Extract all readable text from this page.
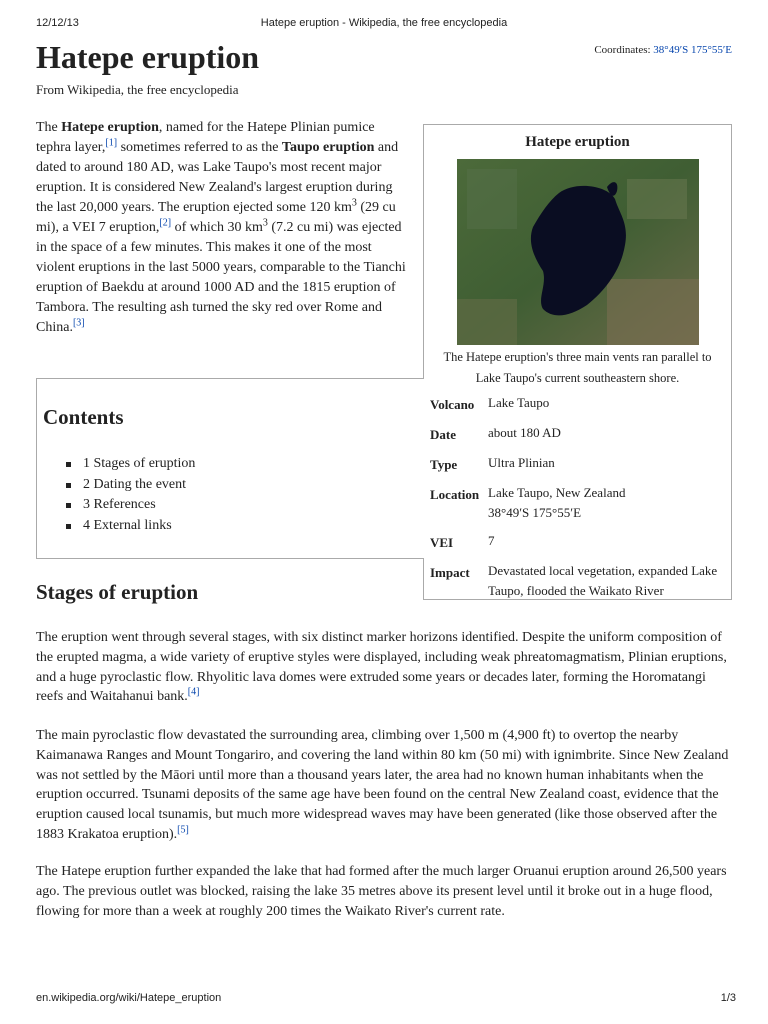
12/12/13	Hatepe eruption - Wikipedia, the free encyclopedia
Coordinates: 38°49′S 175°55′E
Hatepe eruption
From Wikipedia, the free encyclopedia

The Hatepe eruption, named for the Hatepe Plinian pumice tephra layer,[1] sometimes referred to as the Taupo eruption and dated to around 180 AD, was Lake Taupo's most recent major eruption. It is considered New Zealand's largest eruption during the last 20,000 years. The eruption ejected some 120 $km^3$ (29 cu mi), a VEI 7 eruption,[2] of which 30 $km^3$ (7.2 cu mi) was ejected in the space of a few minutes. This makes it one of the most violent eruptions in the last 5000 years, comparable to the Tianchi eruption of Baekdu at around 1000 AD and the 1815 eruption of Tambora. The resulting ash turned the sky red over Rome and China.[3]

Hatepe eruption
The Hatepe eruption's three main vents ran parallel to Lake Taupo's current southeastern shore.
Volcano	Lake Taupo
Date	about 180 AD
Type	Ultra Plinian
Location	Lake Taupo, New Zealand
38°49′S 175°55′E

VEI	7
Impact	Devastated local vegetation, expanded Lake Taupo, flooded the Waikato River
Contents
1 Stages of eruption
2 Dating the event
3 References
4 External links
Stages of eruption

The eruption went through several stages, with six distinct marker horizons identified. Despite the uniform composition of the erupted magma, a wide variety of eruptive styles were displayed, including weak phreatomagmatism, Plinian eruptions, and a huge pyroclastic flow. Rhyolitic lava domes were extruded some years or decades later, forming the Horomatangi reefs and Waitahanui bank.[4]

The main pyroclastic flow devastated the surrounding area, climbing over 1,500 m (4,900 ft) to overtop the nearby Kaimanawa Ranges and Mount Tongariro, and covering the land within 80 km (50 mi) with ignimbrite. Since New Zealand was not settled by the Māori until more than a thousand years later, the area had no known human inhabitants when the eruption occurred. Tsunami deposits of the same age have been found on the central New Zealand coast, evidence that the eruption caused local tsunamis, but much more widespread waves may have been generated (like those observed after the 1883 Krakatoa eruption).[5]

The Hatepe eruption further expanded the lake that had formed after the much larger Oruanui eruption around 26,500 years ago. The previous outlet was blocked, raising the lake 35 metres above its present level until it broke out in a huge flood, flowing for more than a week at roughly 200 times the Waikato River's current rate.

en.wikipedia.org/wiki/Hatepe_eruption	1/3
